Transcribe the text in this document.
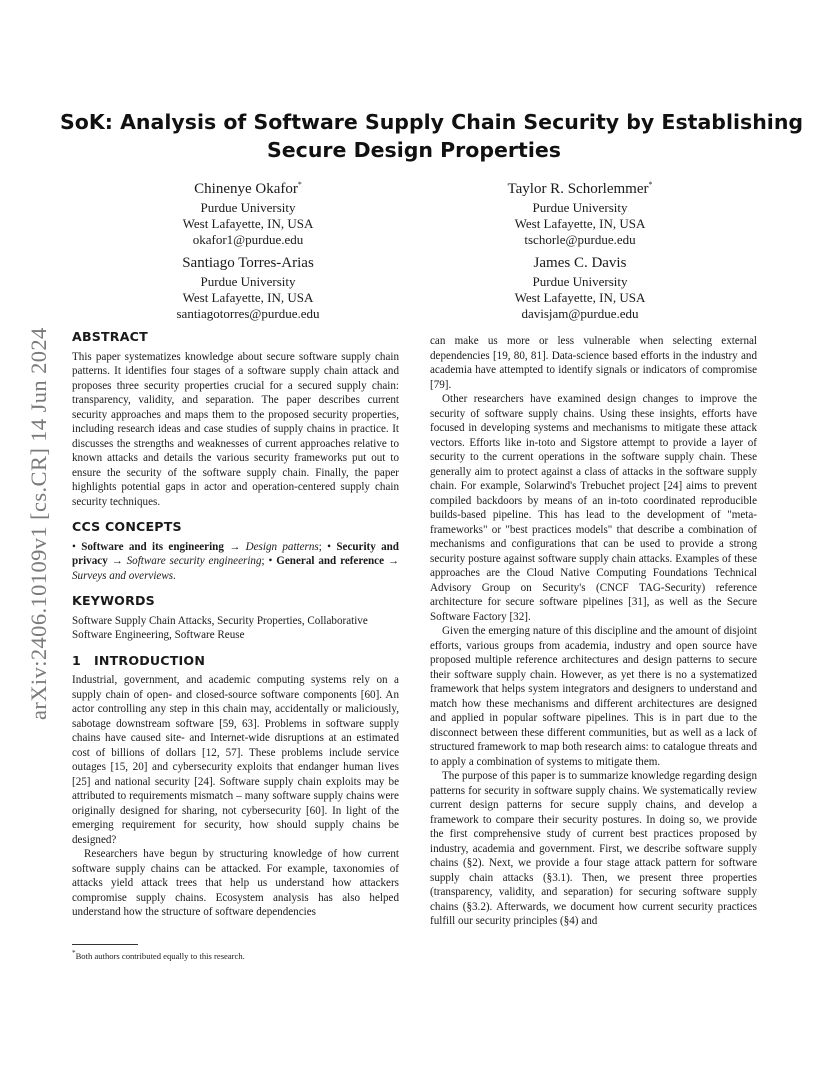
arXiv:2406.10109v1 [cs.CR] 14 Jun 2024
SoK: Analysis of Software Supply Chain Security by Establishing
Secure Design Properties
Chinenye Okafor*
Purdue University
West Lafayette, IN, USA
okafor1@purdue.edu
Taylor R. Schorlemmer*
Purdue University
West Lafayette, IN, USA
tschorle@purdue.edu
Santiago Torres-Arias
Purdue University
West Lafayette, IN, USA
santiagotorres@purdue.edu
James C. Davis
Purdue University
West Lafayette, IN, USA
davisjam@purdue.edu
ABSTRACT

This paper systematizes knowledge about secure software supply chain patterns. It identifies four stages of a software supply chain attack and proposes three security properties crucial for a secured supply chain: transparency, validity, and separation. The paper describes current security approaches and maps them to the proposed security properties, including research ideas and case studies of supply chains in practice. It discusses the strengths and weaknesses of current approaches relative to known attacks and details the various security frameworks put out to ensure the security of the software supply chain. Finally, the paper highlights potential gaps in actor and operation-centered supply chain security techniques.

CCS CONCEPTS

• Software and its engineering → Design patterns; • Security and privacy → Software security engineering; • General and reference → Surveys and overviews.

KEYWORDS

Software Supply Chain Attacks, Security Properties, Collaborative Software Engineering, Software Reuse

1 INTRODUCTION

Industrial, government, and academic computing systems rely on a supply chain of open- and closed-source software components [60]. An actor controlling any step in this chain may, accidentally or maliciously, sabotage downstream software [59, 63]. Problems in software supply chains have caused site- and Internet-wide disruptions at an estimated cost of billions of dollars [12, 57]. These problems include service outages [15, 20] and cybersecurity exploits that endanger human lives [25] and national security [24]. Software supply chain exploits may be attributed to requirements mismatch – many software supply chains were originally designed for sharing, not cybersecurity [60]. In light of the emerging requirement for security, how should supply chains be designed?

Researchers have begun by structuring knowledge of how current software supply chains can be attacked. For example, taxonomies of attacks yield attack trees that help us understand how attackers compromise supply chains. Ecosystem analysis has also helped understand how the structure of software dependencies

can make us more or less vulnerable when selecting external dependencies [19, 80, 81]. Data-science based efforts in the industry and academia have attempted to identify signals or indicators of compromise [79].

Other researchers have examined design changes to improve the security of software supply chains. Using these insights, efforts have focused in developing systems and mechanisms to mitigate these attack vectors. Efforts like in-toto and Sigstore attempt to provide a layer of security to the current operations in the software supply chain. These generally aim to protect against a class of attacks in the software supply chain. For example, Solarwind's Trebuchet project [24] aims to prevent compiled backdoors by means of an in-toto coordinated reproducible builds-based pipeline. This has lead to the development of "meta-frameworks" or "best practices models" that describe a combination of mechanisms and configurations that can be used to provide a strong security posture against software supply chain attacks. Examples of these approaches are the Cloud Native Computing Foundations Technical Advisory Group on Security's (CNCF TAG-Security) reference architecture for secure software pipelines [31], as well as the Secure Software Factory [32].

Given the emerging nature of this discipline and the amount of disjoint efforts, various groups from academia, industry and open source have proposed multiple reference architectures and design patterns to secure their software supply chain. However, as yet there is no a systematized framework that helps system integrators and designers to understand and match how these mechanisms and different architectures are designed and applied in popular software pipelines. This is in part due to the disconnect between these different communities, but as well as a lack of structured framework to map both research aims: to catalogue threats and to apply a combination of systems to mitigate them.

The purpose of this paper is to summarize knowledge regarding design patterns for security in software supply chains. We systematically review current design patterns for secure supply chains, and develop a framework to compare their security postures. In doing so, we provide the first comprehensive study of current best practices proposed by industry, academia and government. First, we describe software supply chains (§2). Next, we provide a four stage attack pattern for software supply chain attacks (§3.1). Then, we present three properties (transparency, validity, and separation) for securing software supply chains (§3.2). Afterwards, we document how current security practices fulfill our security principles (§4) and

*Both authors contributed equally to this research.
